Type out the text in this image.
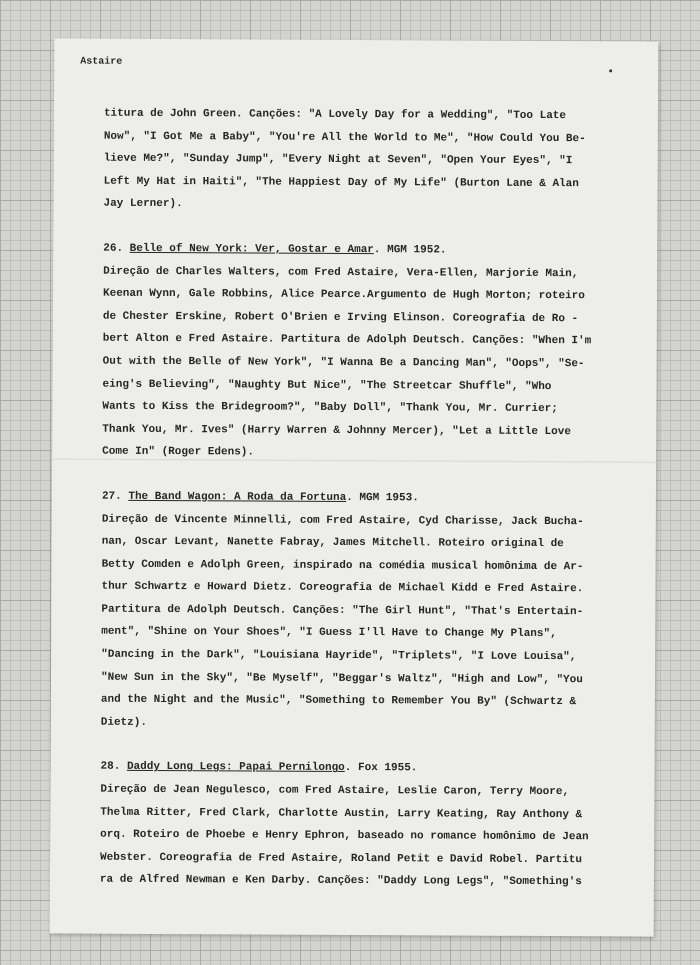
Astaire
titura de John Green. Canções: "A Lovely Day for a Wedding", "Too Late
Now", "I Got Me a Baby", "You're All the World to Me", "How Could You Be-
lieve Me?", "Sunday Jump", "Every Night at Seven", "Open Your Eyes", "I
Left My Hat in Haiti", "The Happiest Day of My Life" (Burton Lane & Alan
Jay Lerner).
26. Belle of New York: Ver, Gostar e Amar. MGM 1952.
Direção de Charles Walters, com Fred Astaire, Vera-Ellen, Marjorie Main,
Keenan Wynn, Gale Robbins, Alice Pearce.Argumento de Hugh Morton; roteiro
de Chester Erskine, Robert O'Brien e Irving Elinson. Coreografia de Ro -
bert Alton e Fred Astaire. Partitura de Adolph Deutsch. Canções: "When I'm
Out with the Belle of New York", "I Wanna Be a Dancing Man", "Oops", "Se-
eing's Believing", "Naughty But Nice", "The Streetcar Shuffle", "Who
Wants to Kiss the Bridegroom?", "Baby Doll", "Thank You, Mr. Currier;
Thank You, Mr. Ives" (Harry Warren & Johnny Mercer), "Let a Little Love
Come In" (Roger Edens).
27. The Band Wagon: A Roda da Fortuna. MGM 1953.
Direção de Vincente Minnelli, com Fred Astaire, Cyd Charisse, Jack Bucha-
nan, Oscar Levant, Nanette Fabray, James Mitchell. Roteiro original de
Betty Comden e Adolph Green, inspirado na comédia musical homônima de Ar-
thur Schwartz e Howard Dietz. Coreografia de Michael Kidd e Fred Astaire.
Partitura de Adolph Deutsch. Canções: "The Girl Hunt", "That's Entertain-
ment", "Shine on Your Shoes", "I Guess I'll Have to Change My Plans",
"Dancing in the Dark", "Louisiana Hayride", "Triplets", "I Love Louisa",
"New Sun in the Sky", "Be Myself", "Beggar's Waltz", "High and Low", "You
and the Night and the Music", "Something to Remember You By" (Schwartz &
Dietz).
28. Daddy Long Legs: Papai Pernilongo. Fox 1955.
Direção de Jean Negulesco, com Fred Astaire, Leslie Caron, Terry Moore,
Thelma Ritter, Fred Clark, Charlotte Austin, Larry Keating, Ray Anthony &
orq. Roteiro de Phoebe e Henry Ephron, baseado no romance homônimo de Jean
Webster. Coreografia de Fred Astaire, Roland Petit e David Robel. Partitu
ra de Alfred Newman e Ken Darby. Canções: "Daddy Long Legs", "Something's
